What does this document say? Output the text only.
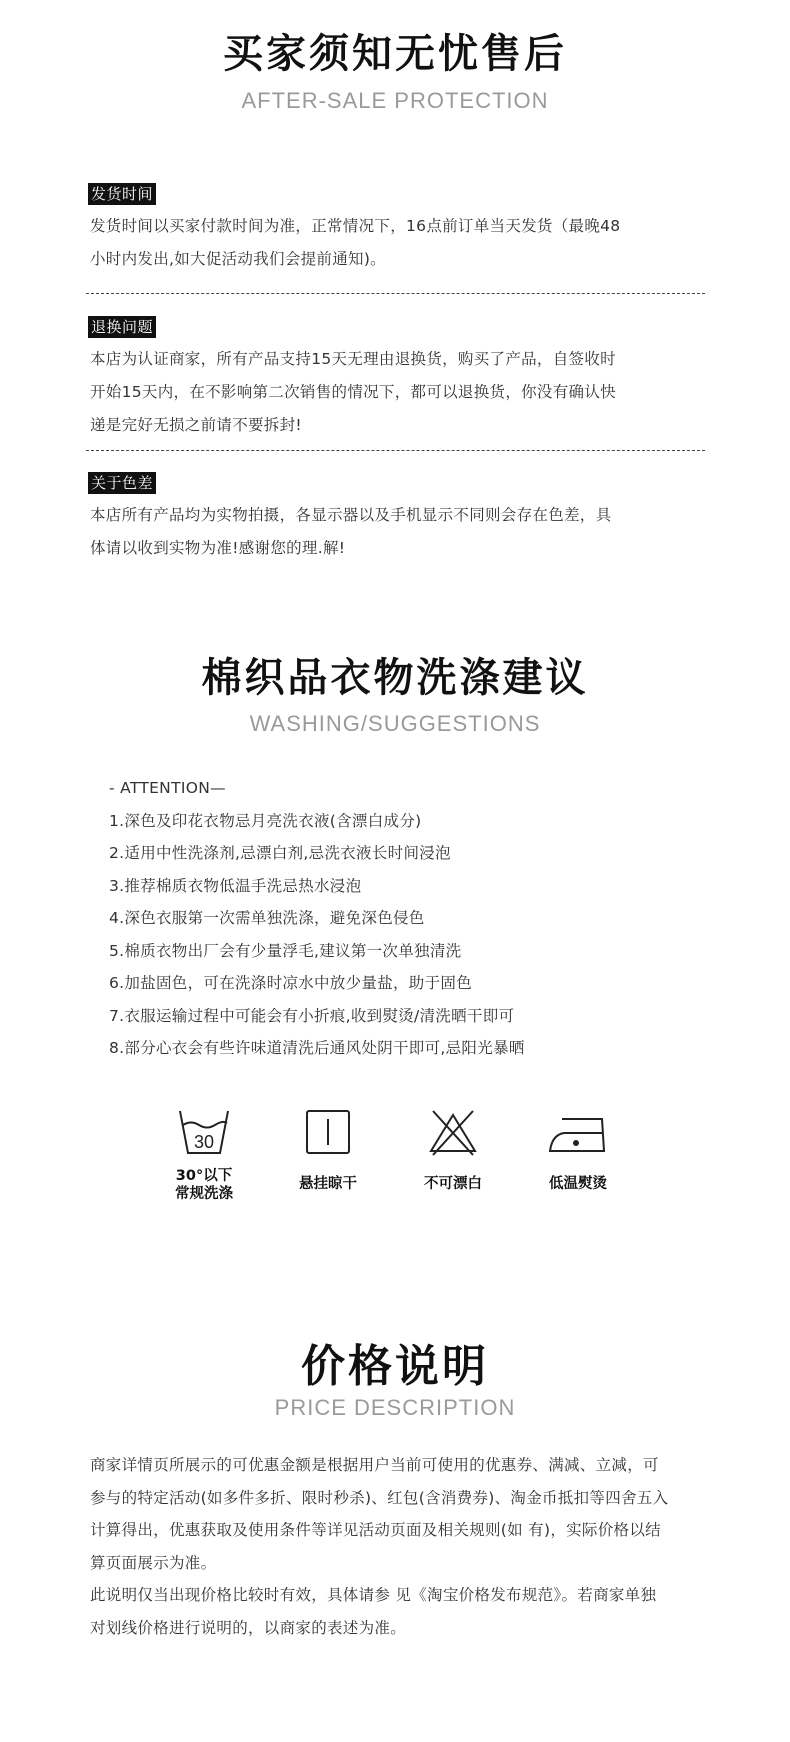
买家须知无忧售后
AFTER-SALE PROTECTION
发货时间
发货时间以买家付款时间为准，正常情况下，16点前订单当天发货（最晚48
小时内发出,如大促活动我们会提前通知)。
退换问题
本店为认证商家，所有产品支持15天无理由退换货，购买了产品，自签收时
开始15天内，在不影响第二次销售的情况下，都可以退换货，你没有确认快
递是完好无损之前请不要拆封!
关于色差
本店所有产品均为实物拍摄，各显示器以及手机显示不同则会存在色差，具
体请以收到实物为准!感谢您的理.解!
棉织品衣物洗涤建议
WASHING/SUGGESTIONS
- ATTENTION—
1.深色及印花衣物忌月亮洗衣液(含漂白成分)
2.适用中性洗涤剂,忌漂白剂,忌洗衣液长时间浸泡
3.推荐棉质衣物低温手洗忌热水浸泡
4.深色衣服第一次需单独洗涤，避免深色侵色
5.棉质衣物出厂会有少量浮毛,建议第一次单独清洗
6.加盐固色，可在洗涤时凉水中放少量盐，助于固色
7.衣服运输过程中可能会有小折痕,收到熨烫/清洗晒干即可
8.部分心衣会有些许味道清洗后通风处阴干即可,忌阳光暴晒
30
30°以下
常规洗涤
悬挂晾干	不可漂白	低温熨烫
价格说明
PRICE DESCRIPTION
商家详情页所展示的可优惠金额是根据用户当前可使用的优惠券、满减、立减，可
参与的特定活动(如多件多折、限时秒杀)、红包(含消费券)、淘金币抵扣等四舍五入
计算得出，优惠获取及使用条件等详见活动页面及相关规则(如 有)，实际价格以结
算页面展示为准。
此说明仅当出现价格比较时有效，具体请参 见《淘宝价格发布规范》。若商家单独
对划线价格进行说明的，以商家的表述为准。
